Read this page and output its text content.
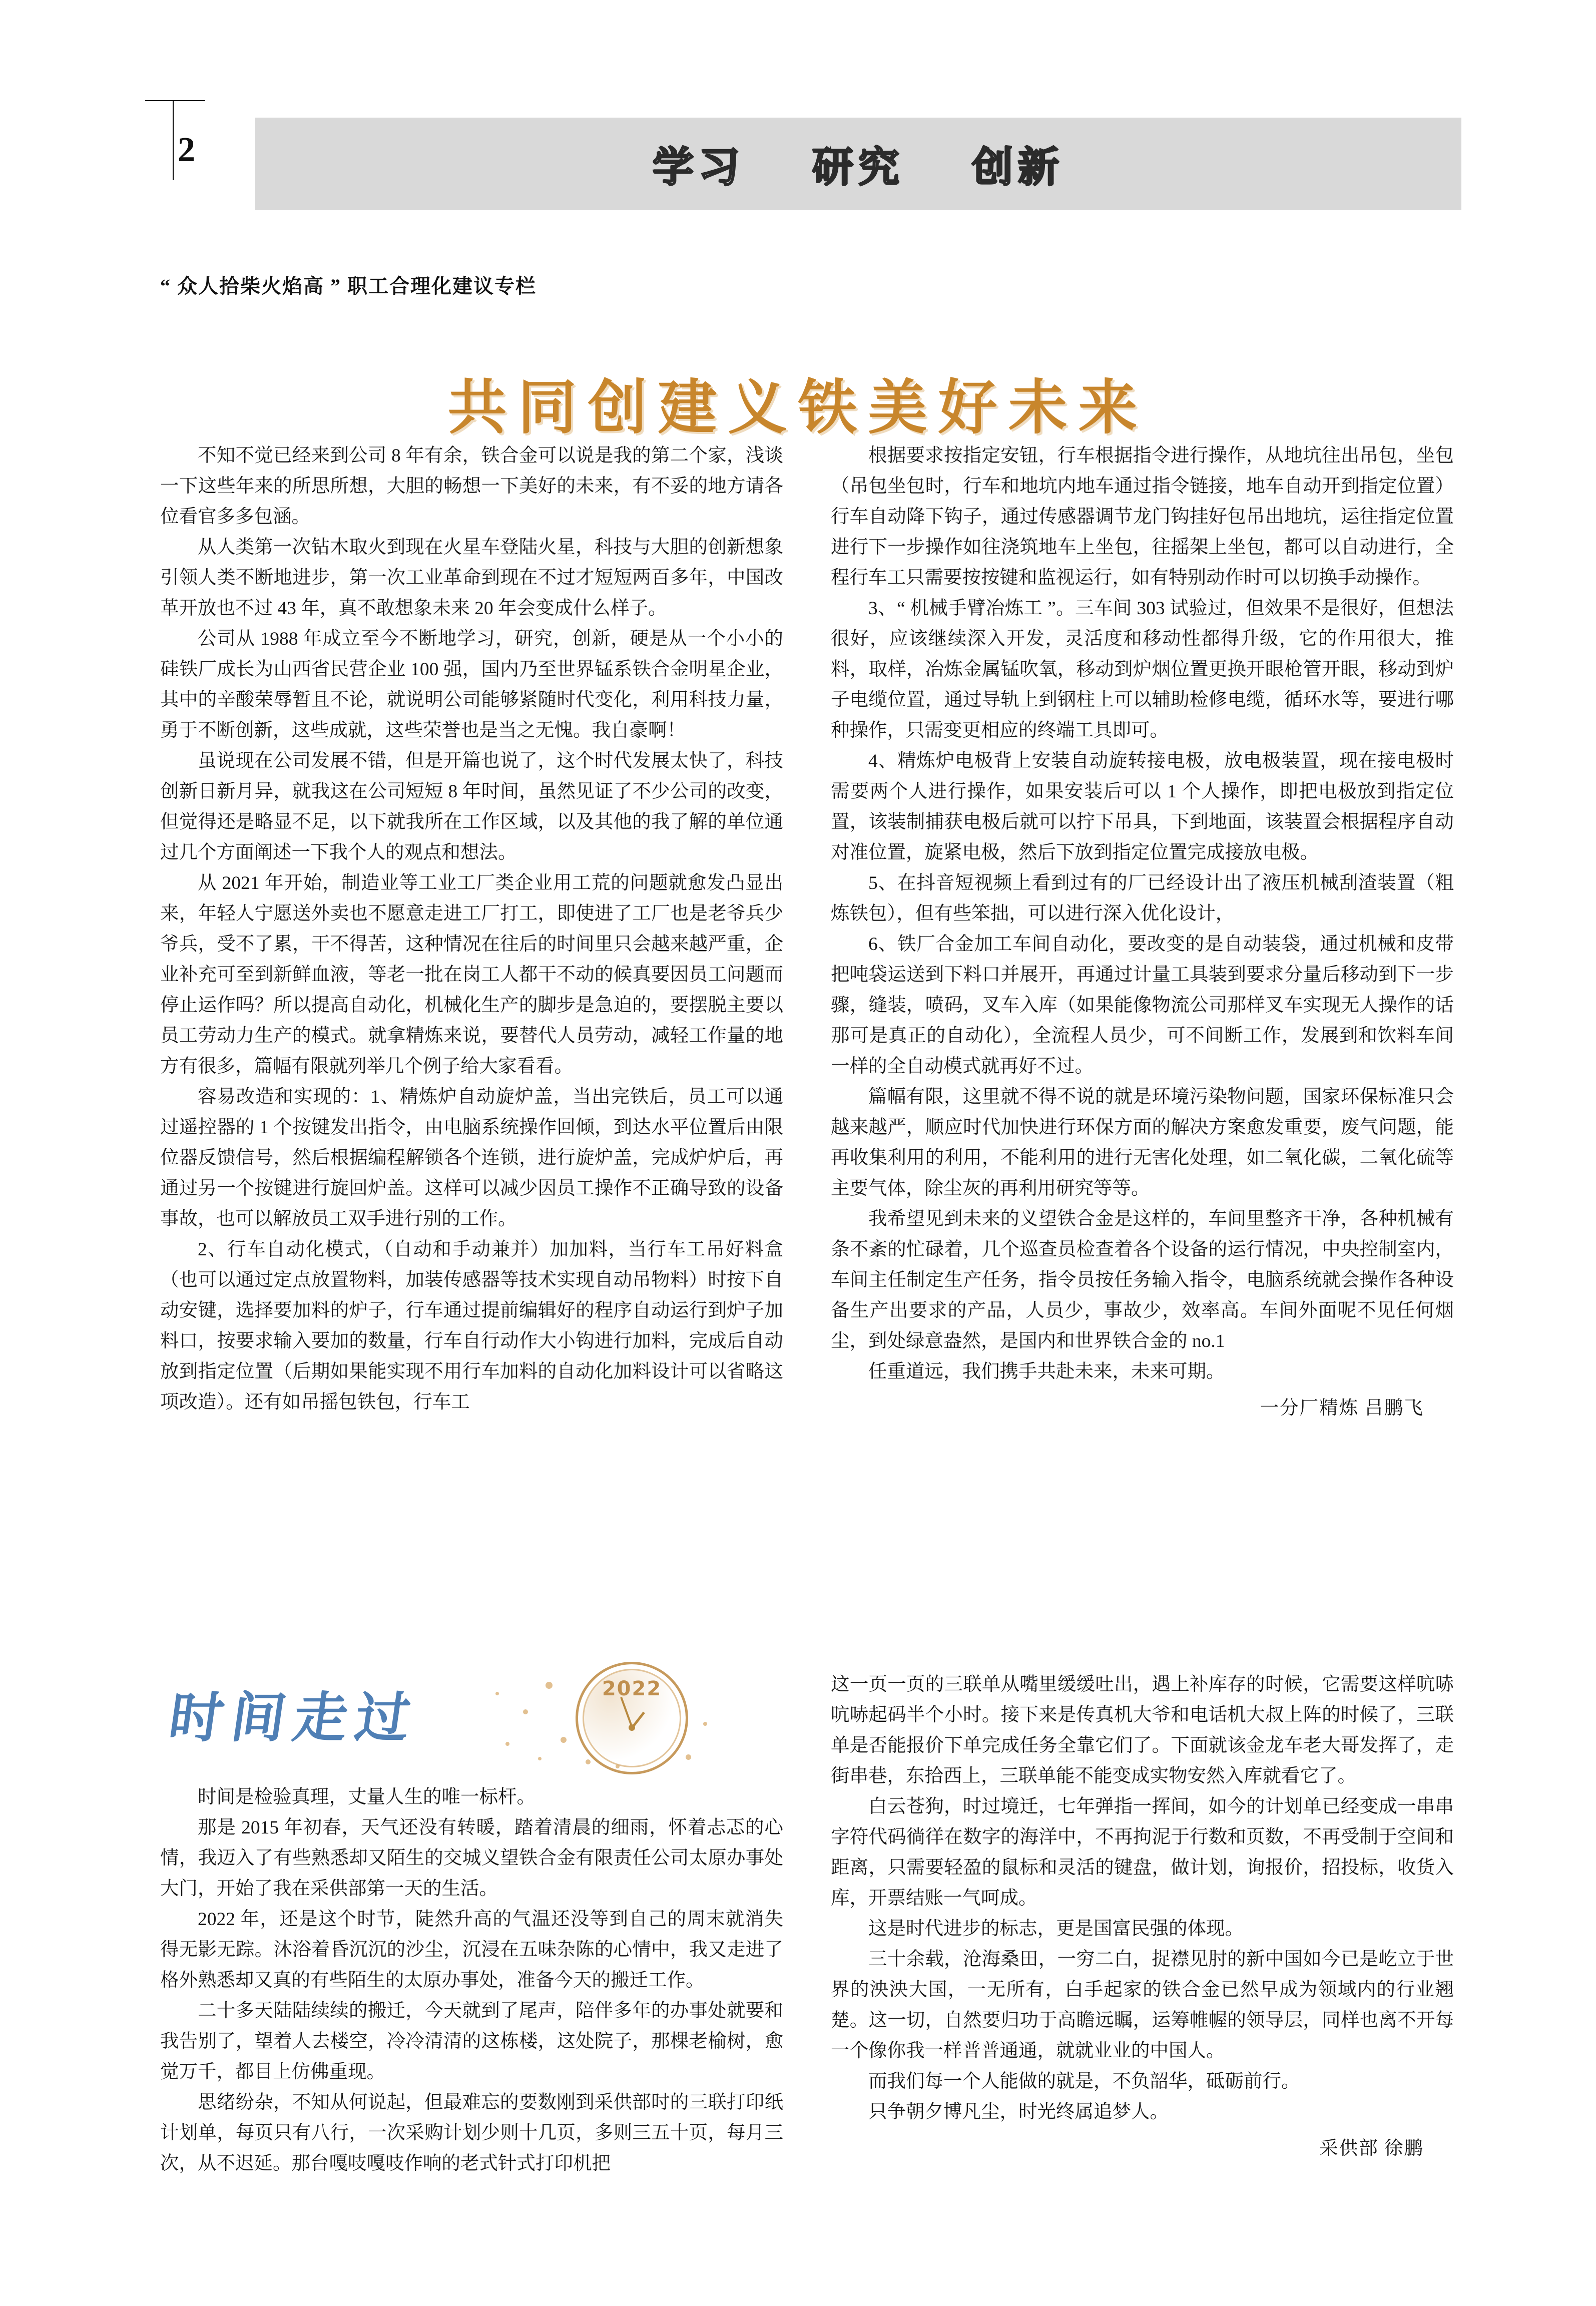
2	学习 研究 创新
“ 众人拾柴火焰高 ” 职工合理化建议专栏
共同创建义铁美好未来

不知不觉已经来到公司 8 年有余，铁合金可以说是我的第二个家，浅谈一下这些年来的所思所想，大胆的畅想一下美好的未来，有不妥的地方请各位看官多多包涵。

从人类第一次钻木取火到现在火星车登陆火星，科技与大胆的创新想象引领人类不断地进步，第一次工业革命到现在不过才短短两百多年，中国改革开放也不过 43 年，真不敢想象未来 20 年会变成什么样子。

公司从 1988 年成立至今不断地学习，研究，创新，硬是从一个小小的硅铁厂成长为山西省民营企业 100 强，国内乃至世界锰系铁合金明星企业，其中的辛酸荣辱暂且不论，就说明公司能够紧随时代变化，利用科技力量，勇于不断创新，这些成就，这些荣誉也是当之无愧。我自豪啊！

虽说现在公司发展不错，但是开篇也说了，这个时代发展太快了，科技创新日新月异，就我这在公司短短 8 年时间，虽然见证了不少公司的改变，但觉得还是略显不足，以下就我所在工作区域，以及其他的我了解的单位通过几个方面阐述一下我个人的观点和想法。

从 2021 年开始，制造业等工业工厂类企业用工荒的问题就愈发凸显出来，年轻人宁愿送外卖也不愿意走进工厂打工，即使进了工厂也是老爷兵少爷兵，受不了累，干不得苦，这种情况在往后的时间里只会越来越严重，企业补充可至到新鲜血液，等老一批在岗工人都干不动的候真要因员工问题而停止运作吗？所以提高自动化，机械化生产的脚步是急迫的，要摆脱主要以员工劳动力生产的模式。就拿精炼来说，要替代人员劳动，减轻工作量的地方有很多，篇幅有限就列举几个例子给大家看看。

容易改造和实现的：1、精炼炉自动旋炉盖，当出完铁后，员工可以通过遥控器的 1 个按键发出指令，由电脑系统操作回倾，到达水平位置后由限位器反馈信号，然后根据编程解锁各个连锁，进行旋炉盖，完成炉炉后，再通过另一个按键进行旋回炉盖。这样可以减少因员工操作不正确导致的设备事故，也可以解放员工双手进行别的工作。

2、行车自动化模式，（自动和手动兼并）加加料，当行车工吊好料盒（也可以通过定点放置物料，加装传感器等技术实现自动吊物料）时按下自动安键，选择要加料的炉子，行车通过提前编辑好的程序自动运行到炉子加料口，按要求输入要加的数量，行车自行动作大小钩进行加料，完成后自动放到指定位置（后期如果能实现不用行车加料的自动化加料设计可以省略这项改造）。还有如吊摇包铁包，行车工

根据要求按指定安钮，行车根据指令进行操作，从地坑往出吊包，坐包（吊包坐包时，行车和地坑内地车通过指令链接，地车自动开到指定位置）行车自动降下钩子，通过传感器调节龙门钩挂好包吊出地坑，运往指定位置进行下一步操作如往浇筑地车上坐包，往摇架上坐包，都可以自动进行，全程行车工只需要按按键和监视运行，如有特别动作时可以切换手动操作。

3、“ 机械手臂冶炼工 ”。三车间 303 试验过，但效果不是很好，但想法很好，应该继续深入开发，灵活度和移动性都得升级，它的作用很大，推料，取样，冶炼金属锰吹氧，移动到炉烟位置更换开眼枪管开眼，移动到炉子电缆位置，通过导轨上到钢柱上可以辅助检修电缆，循环水等，要进行哪种操作，只需变更相应的终端工具即可。

4、精炼炉电极背上安装自动旋转接电极，放电极装置，现在接电极时需要两个人进行操作，如果安装后可以 1 个人操作，即把电极放到指定位置，该装制捕获电极后就可以拧下吊具，下到地面，该装置会根据程序自动对准位置，旋紧电极，然后下放到指定位置完成接放电极。

5、在抖音短视频上看到过有的厂已经设计出了液压机械刮渣装置（粗炼铁包），但有些笨拙，可以进行深入优化设计，

6、铁厂合金加工车间自动化，要改变的是自动装袋，通过机械和皮带把吨袋运送到下料口并展开，再通过计量工具装到要求分量后移动到下一步骤，缝装，喷码，叉车入库（如果能像物流公司那样叉车实现无人操作的话那可是真正的自动化），全流程人员少，可不间断工作，发展到和饮料车间一样的全自动模式就再好不过。

篇幅有限，这里就不得不说的就是环境污染物问题，国家环保标准只会越来越严，顺应时代加快进行环保方面的解决方案愈发重要，废气问题，能再收集利用的利用，不能利用的进行无害化处理，如二氧化碳，二氧化硫等主要气体，除尘灰的再利用研究等等。

我希望见到未来的义望铁合金是这样的，车间里整齐干净，各种机械有条不紊的忙碌着，几个巡查员检查着各个设备的运行情况，中央控制室内，车间主任制定生产任务，指令员按任务输入指令，电脑系统就会操作各种设备生产出要求的产品，人员少，事故少，效率高。车间外面呢不见任何烟尘，到处绿意盎然，是国内和世界铁合金的 no.1

任重道远，我们携手共赴未来，未来可期。

一分厂精炼 吕鹏飞

时间走过	2022

时间是检验真理，丈量人生的唯一标杆。

那是 2015 年初春，天气还没有转暖，踏着清晨的细雨，怀着忐忑的心情，我迈入了有些熟悉却又陌生的交城义望铁合金有限责任公司太原办事处大门，开始了我在采供部第一天的生活。

2022 年，还是这个时节，陡然升高的气温还没等到自己的周末就消失得无影无踪。沐浴着昏沉沉的沙尘，沉浸在五味杂陈的心情中，我又走进了格外熟悉却又真的有些陌生的太原办事处，准备今天的搬迁工作。

二十多天陆陆续续的搬迁，今天就到了尾声，陪伴多年的办事处就要和我告别了，望着人去楼空，冷冷清清的这栋楼，这处院子，那棵老榆树，愈觉万千，都目上仿佛重现。

思绪纷杂，不知从何说起，但最难忘的要数刚到采供部时的三联打印纸计划单，每页只有八行，一次采购计划少则十几页，多则三五十页，每月三次，从不迟延。那台嘎吱嘎吱作响的老式针式打印机把

这一页一页的三联单从嘴里缓缓吐出，遇上补库存的时候，它需要这样吭哧吭哧起码半个小时。接下来是传真机大爷和电话机大叔上阵的时候了，三联单是否能报价下单完成任务全靠它们了。下面就该金龙车老大哥发挥了，走街串巷，东拾西上，三联单能不能变成实物安然入库就看它了。

白云苍狗，时过境迁，七年弹指一挥间，如今的计划单已经变成一串串字符代码徜徉在数字的海洋中，不再拘泥于行数和页数，不再受制于空间和距离，只需要轻盈的鼠标和灵活的键盘，做计划，询报价，招投标，收货入库，开票结账一气呵成。

这是时代进步的标志，更是国富民强的体现。

三十余载，沧海桑田，一穷二白，捉襟见肘的新中国如今已是屹立于世界的泱泱大国，一无所有，白手起家的铁合金已然早成为领域内的行业翘楚。这一切，自然要归功于高瞻远瞩，运筹帷幄的领导层，同样也离不开每一个像你我一样普普通通，就就业业的中国人。

而我们每一个人能做的就是，不负韶华，砥砺前行。

只争朝夕博凡尘，时光终属追梦人。

采供部 徐鹏
